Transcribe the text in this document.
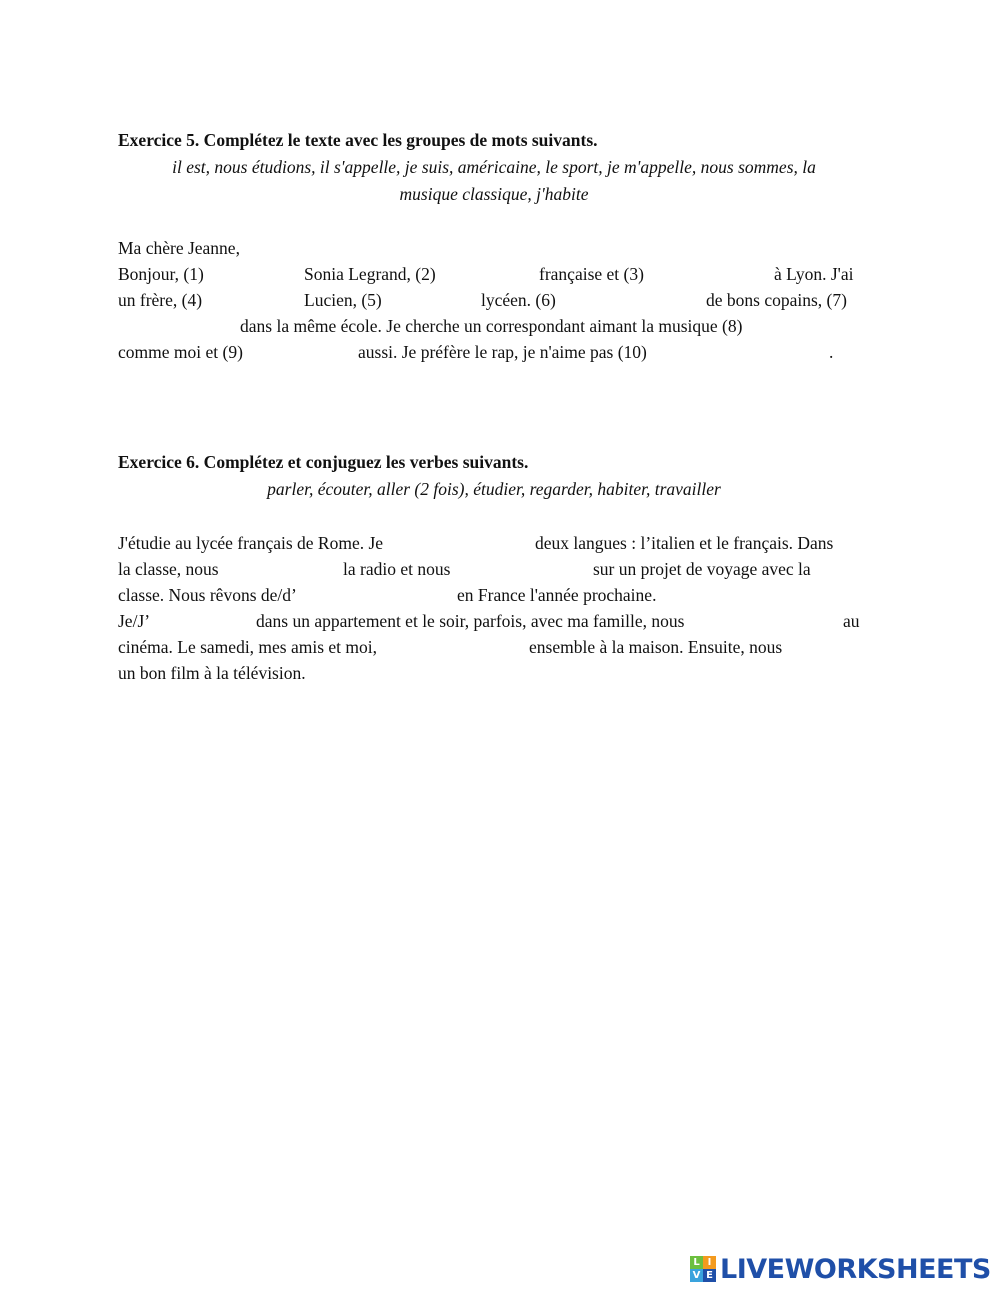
Exercice 5. Complétez le texte avec les groupes de mots suivants.
il est, nous étudions, il s'appelle, je suis, américaine, le sport, je m'appelle, nous sommes, la
musique classique, j'habite
Ma chère Jeanne,
Bonjour, (1)	Sonia Legrand, (2)	française et (3)	à Lyon. J'ai
un frère, (4)	Lucien, (5)	lycéen. (6)	de bons copains, (7)
dans la même école. Je cherche un correspondant aimant la musique (8)
comme moi et (9)	aussi. Je préfère le rap, je n'aime pas (10)	.
Exercice 6. Complétez et conjuguez les verbes suivants.
parler, écouter, aller (2 fois), étudier, regarder, habiter, travailler
J'étudie au lycée français de Rome. Je	deux langues : l’italien et le français. Dans
la classe, nous	la radio et nous	sur un projet de voyage avec la
classe. Nous rêvons de/d’	en France l'année prochaine.
Je/J’	dans un appartement et le soir, parfois, avec ma famille, nous	au
cinéma. Le samedi, mes amis et moi,	ensemble à la maison. Ensuite, nous
un bon film à la télévision.
L I
V E LIVEWORKSHEETS
